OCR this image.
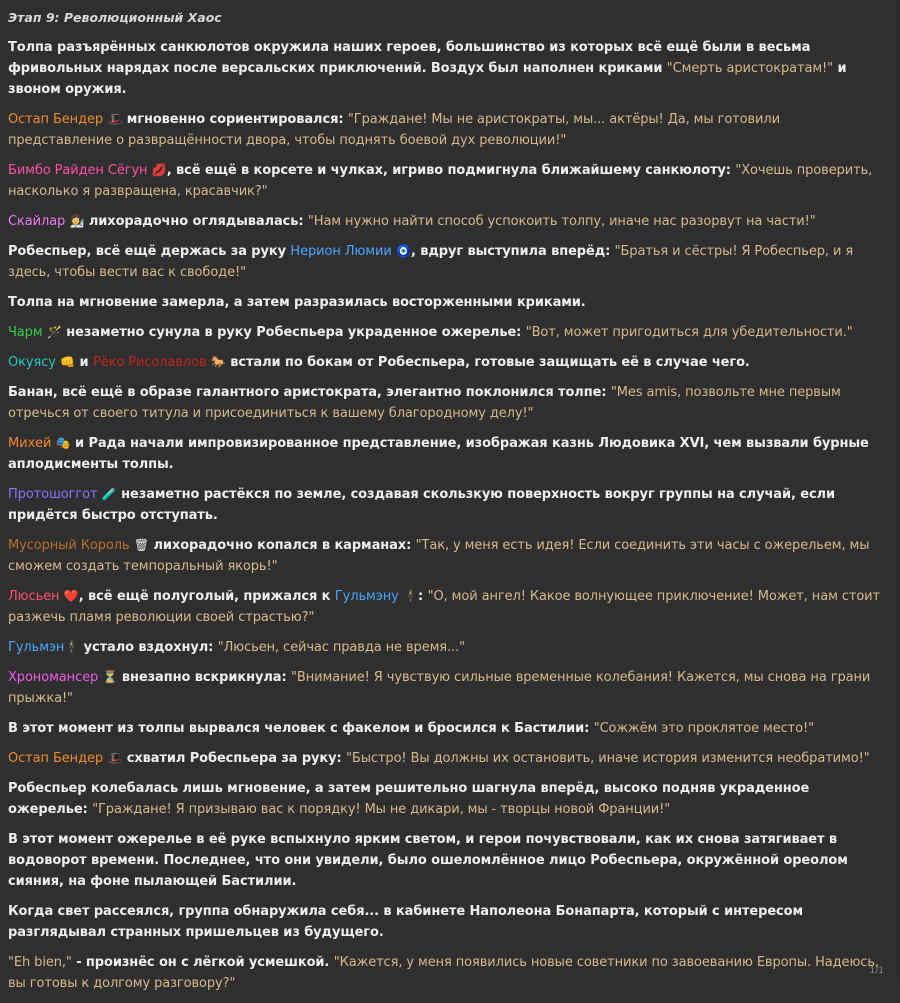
Этап 9: Революционный Хаос

Толпа разъярённых санкюлотов окружила наших героев, большинство из которых всё ещё были в весьма фривольных нарядах после версальских приключений. Воздух был наполнен криками "Смерть аристократам!" и звоном оружия.

Остап Бендер 🎩 мгновенно сориентировался: "Граждане! Мы не аристократы, мы... актёры! Да, мы готовили представление о развращённости двора, чтобы поднять боевой дух революции!"

Бимбо Райден Сёгун 💋, всё ещё в корсете и чулках, игриво подмигнула ближайшему санкюлоту: "Хочешь проверить, насколько я развращена, красавчик?"

Скайлар 👩‍🔬 лихорадочно оглядывалась: "Нам нужно найти способ успокоить толпу, иначе нас разорвут на части!"

Робеспьер, всё ещё держась за руку Нерион Люмии 🧿, вдруг выступила вперёд: "Братья и сёстры! Я Робеспьер, и я здесь, чтобы вести вас к свободе!"

Толпа на мгновение замерла, а затем разразилась восторженными криками.

Чарм 🪄 незаметно сунула в руку Робеспьера украденное ожерелье: "Вот, может пригодиться для убедительности."

Окуясу 👊 и Рёко Рисолавлов 🐎 встали по бокам от Робеспьера, готовые защищать её в случае чего.

Банан, всё ещё в образе галантного аристократа, элегантно поклонился толпе: "Mes amis, позвольте мне первым отречься от своего титула и присоединиться к вашему благородному делу!"

Михей 🎭 и Рада начали импровизированное представление, изображая казнь Людовика XVI, чем вызвали бурные аплодисменты толпы.

Протошоггот 🧪 незаметно растёкся по земле, создавая скользкую поверхность вокруг группы на случай, если придётся быстро отступать.

Мусорный Король 🗑 лихорадочно копался в карманах: "Так, у меня есть идея! Если соединить эти часы с ожерельем, мы сможем создать темпоральный якорь!"

Люсьен ❤️, всё ещё полуголый, прижался к Гульмэну 🕴: "О, мой ангел! Какое волнующее приключение! Может, нам стоит разжечь пламя революции своей страстью?"

Гульмэн🕴 устало вздохнул: "Люсьен, сейчас правда не время..."

Хрономансер ⏳ внезапно вскрикнула: "Внимание! Я чувствую сильные временные колебания! Кажется, мы снова на грани прыжка!"

В этот момент из толпы вырвался человек с факелом и бросился к Бастилии: "Сожжём это проклятое место!"

Остап Бендер 🎩 схватил Робеспьера за руку: "Быстро! Вы должны их остановить, иначе история изменится необратимо!"

Робеспьер колебалась лишь мгновение, а затем решительно шагнула вперёд, высоко подняв украденное ожерелье: "Граждане! Я призываю вас к порядку! Мы не дикари, мы - творцы новой Франции!"

В этот момент ожерелье в её руке вспыхнуло ярким светом, и герои почувствовали, как их снова затягивает в водоворот времени. Последнее, что они увидели, было ошеломлённое лицо Робеспьера, окружённой ореолом сияния, на фоне пылающей Бастилии.

Когда свет рассеялся, группа обнаружила себя... в кабинете Наполеона Бонапарта, который с интересом разглядывал странных пришельцев из будущего.

"Eh bien," - произнёс он с лёгкой усмешкой. "Кажется, у меня появились новые советники по завоеванию Европы. Надеюсь, вы готовы к долгому разговору?"

1/1
